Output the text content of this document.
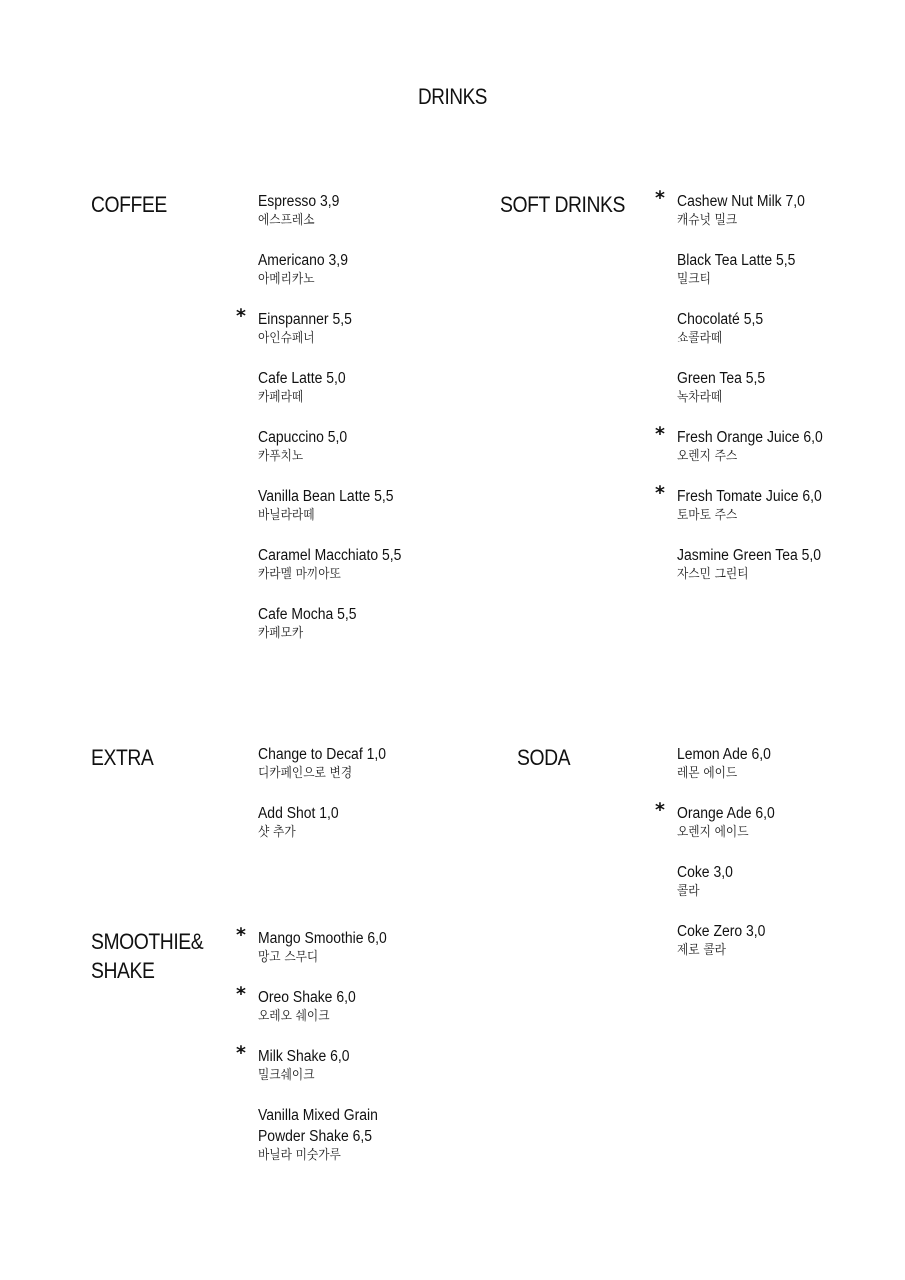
DRINKS
COFFEE	Espresso 3,9
에스프레소
Americano 3,9
아메리카노
* Einspanner 5,5
아인슈페너
Cafe Latte 5,0
카페라떼
Capuccino 5,0
카푸치노
Vanilla Bean Latte 5,5
바닐라라떼
Caramel Macchiato 5,5
카라멜 마끼아또
Cafe Mocha 5,5
카페모카
SOFT DRINKS * Cashew Nut Milk 7,0
캐슈넛 밀크
Black Tea Latte 5,5
밀크티
Chocolaté 5,5
쇼콜라떼
Green Tea 5,5
녹차라떼
* Fresh Orange Juice 6,0
오렌지 주스
* Fresh Tomate Juice 6,0
토마토 주스
Jasmine Green Tea 5,0
자스민 그린티
EXTRA	Change to Decaf 1,0
디카페인으로 변경
Add Shot 1,0
샷 추가
SODA	Lemon Ade 6,0
레몬 에이드
* Orange Ade 6,0
오렌지 에이드
Coke 3,0
콜라
Coke Zero 3,0
제로 콜라
SMOOTHIE&
SHAKE
* Mango Smoothie 6,0
망고 스무디
* Oreo Shake 6,0
오레오 쉐이크
* Milk Shake 6,0
밀크쉐이크
Vanilla Mixed Grain Powder Shake 6,5
바닐라 미숫가루
